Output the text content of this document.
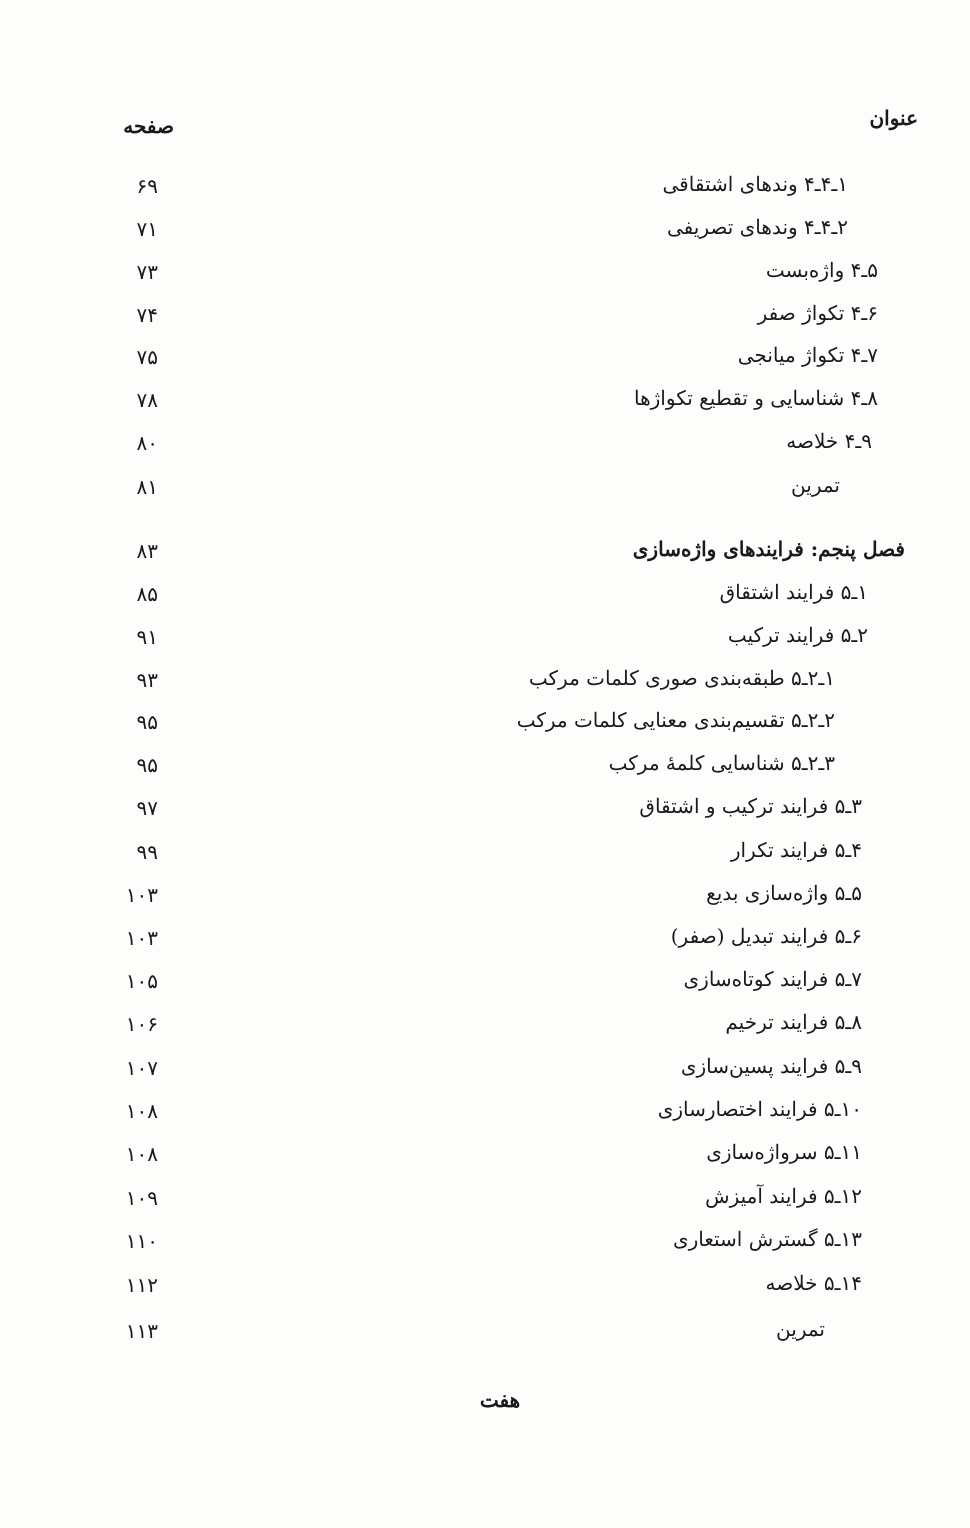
عنوان
صفحه
۱ـ۴ـ۴ وندهای اشتقاقی
۶۹
۲ـ۴ـ۴ وندهای تصریفی
۷۱
۵ـ۴ واژه‌بست
۷۳
۶ـ۴ تکواژ صفر
۷۴
۷ـ۴ تکواژ میانجی
۷۵
۸ـ۴ شناسایی و تقطیع تکواژها
۷۸
۹ـ۴ خلاصه
۸۰
تمرین
۸۱
فصل پنجم: فرایندهای واژه‌سازی
۸۳
۱ـ۵ فرایند اشتقاق
۸۵
۲ـ۵ فرایند ترکیب
۹۱
۱ـ۲ـ۵ طبقه‌بندی صوری کلمات مرکب
۹۳
۲ـ۲ـ۵ تقسیم‌بندی معنایی کلمات مرکب
۹۵
۳ـ۲ـ۵ شناسایی کلمهٔ مرکب
۹۵
۳ـ۵ فرایند ترکیب و اشتقاق
۹۷
۴ـ۵ فرایند تکرار
۹۹
۵ـ۵ واژه‌سازی بدیع
۱۰۳
۶ـ۵ فرایند تبدیل (صفر)
۱۰۳
۷ـ۵ فرایند کوتاه‌سازی
۱۰۵
۸ـ۵ فرایند ترخیم
۱۰۶
۹ـ۵ فرایند پسین‌سازی
۱۰۷
۱۰ـ۵ فرایند اختصارسازی
۱۰۸
۱۱ـ۵ سرواژه‌سازی
۱۰۸
۱۲ـ۵ فرایند آمیزش
۱۰۹
۱۳ـ۵ گسترش استعاری
۱۱۰
۱۴ـ۵ خلاصه
۱۱۲
تمرین
۱۱۳
هفت
